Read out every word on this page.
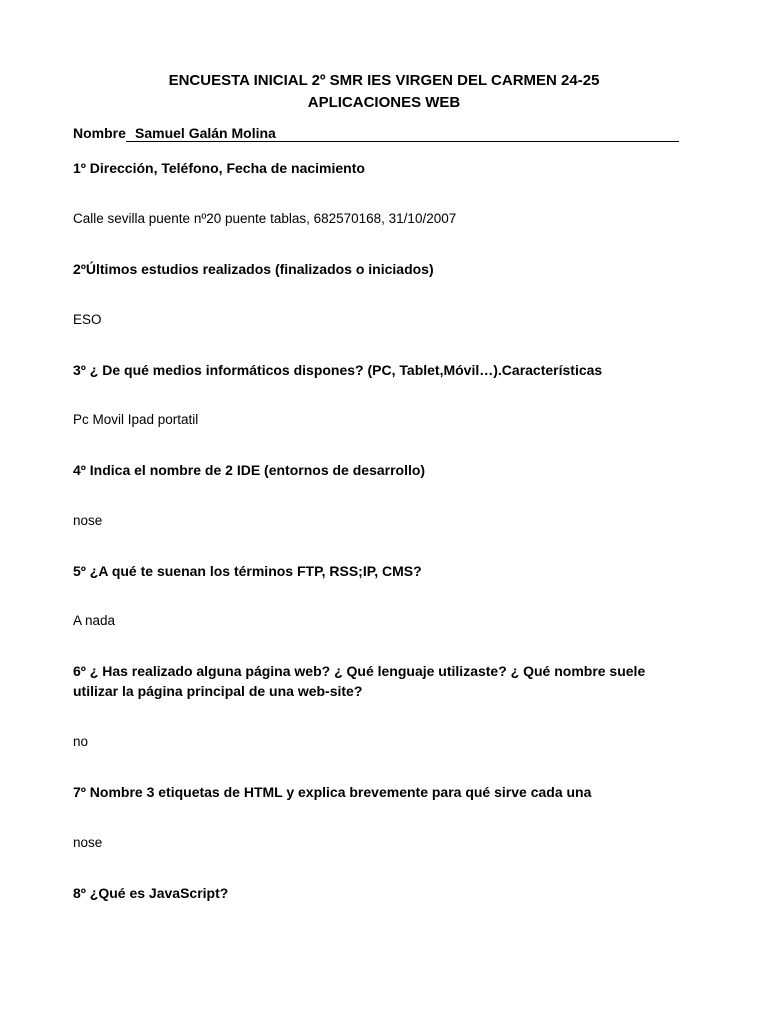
ENCUESTA INICIAL 2º SMR IES VIRGEN DEL CARMEN 24-25
APLICACIONES WEB
Nombre Samuel Galán Molina
1º Dirección, Teléfono, Fecha de nacimiento
Calle sevilla puente nº20 puente tablas, 682570168, 31/10/2007
2ºÚltimos estudios realizados (finalizados o iniciados)
ESO
3º ¿ De qué medios informáticos dispones? (PC, Tablet,Móvil…).Características
Pc Movil Ipad portatil
4º Indica el nombre de 2 IDE (entornos de desarrollo)
nose
5º ¿A qué te suenan los términos FTP, RSS;IP, CMS?
A nada
6º ¿ Has realizado alguna página web? ¿ Qué lenguaje utilizaste? ¿ Qué nombre suele utilizar la página principal de una web-site?
no
7º Nombre 3 etiquetas de HTML y explica brevemente para qué sirve cada una
nose
8º ¿Qué es JavaScript?
